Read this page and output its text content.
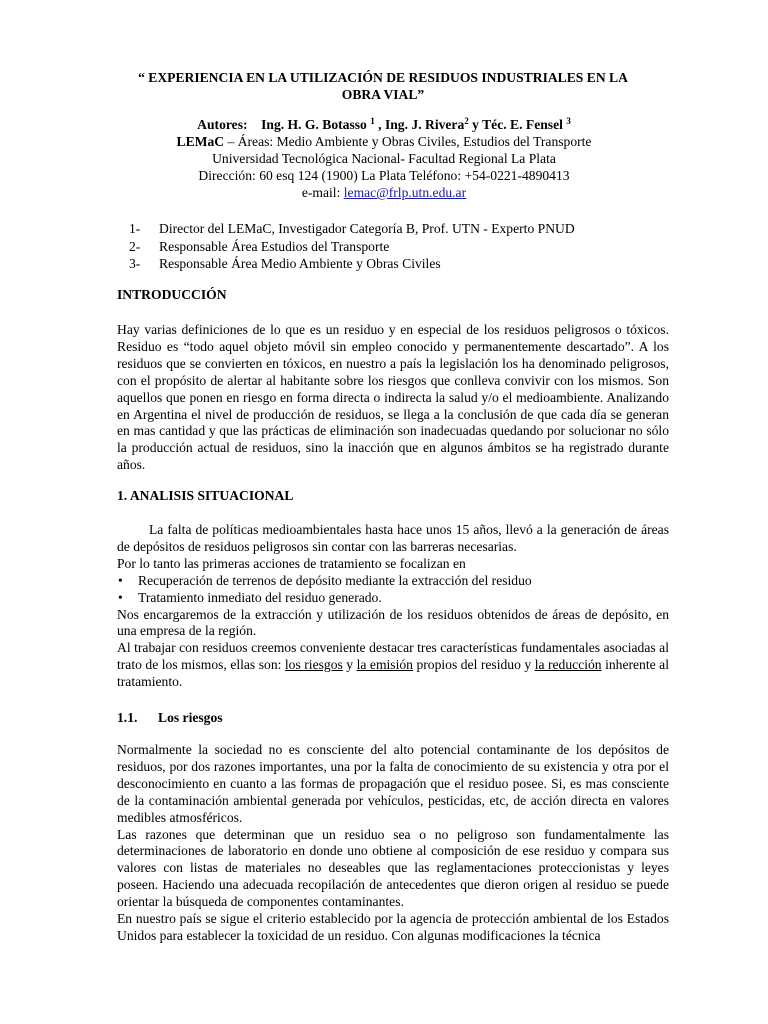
“ EXPERIENCIA EN LA UTILIZACIÓN DE RESIDUOS INDUSTRIALES EN LA OBRA VIAL”
Autores: Ing. H. G. Botasso $^1$ , Ing. J. Rivera$^2$ y Téc. E. Fensel $^3$
LEMaC – Áreas: Medio Ambiente y Obras Civiles, Estudios del Transporte
Universidad Tecnológica Nacional- Facultad Regional La Plata
Dirección: 60 esq 124 (1900) La Plata Teléfono: +54-0221-4890413
e-mail: lemac@frlp.utn.edu.ar
1-	Director del LEMaC, Investigador Categoría B, Prof. UTN - Experto PNUD
2-	Responsable Área Estudios del Transporte
3-	Responsable Área Medio Ambiente y Obras Civiles
INTRODUCCIÓN

Hay varias definiciones de lo que es un residuo y en especial de los residuos peligrosos o tóxicos. Residuo es “todo aquel objeto móvil sin empleo conocido y permanentemente descartado”. A los residuos que se convierten en tóxicos, en nuestro a país la legislación los ha denominado peligrosos, con el propósito de alertar al habitante sobre los riesgos que conlleva convivir con los mismos. Son aquellos que ponen en riesgo en forma directa o indirecta la salud y/o el medioambiente. Analizando en Argentina el nivel de producción de residuos, se llega a la conclusión de que cada día se generan en mas cantidad y que las prácticas de eliminación son inadecuadas quedando por solucionar no sólo la producción actual de residuos, sino la inacción que en algunos ámbitos se ha registrado durante años.

1. ANALISIS SITUACIONAL

La falta de políticas medioambientales hasta hace unos 15 años, llevó a la generación de áreas de depósitos de residuos peligrosos sin contar con las barreras necesarias.

Por lo tanto las primeras acciones de tratamiento se focalizan en

•	Recuperación de terrenos de depósito mediante la extracción del residuo
•	Tratamiento inmediato del residuo generado.

Nos encargaremos de la extracción y utilización de los residuos obtenidos de áreas de depósito, en una empresa de la región.

Al trabajar con residuos creemos conveniente destacar tres características fundamentales asociadas al trato de los mismos, ellas son: los riesgos y la emisión propios del residuo y la reducción inherente al tratamiento.

1.1.	Los riesgos

Normalmente la sociedad no es consciente del alto potencial contaminante de los depósitos de residuos, por dos razones importantes, una por la falta de conocimiento de su existencia y otra por el desconocimiento en cuanto a las formas de propagación que el residuo posee. Si, es mas consciente de la contaminación ambiental generada por vehículos, pesticidas, etc, de acción directa en valores medibles atmosféricos.

Las razones que determinan que un residuo sea o no peligroso son fundamentalmente las determinaciones de laboratorio en donde uno obtiene al composición de ese residuo y compara sus valores con listas de materiales no deseables que las reglamentaciones proteccionistas y leyes poseen. Haciendo una adecuada recopilación de antecedentes que dieron origen al residuo se puede orientar la búsqueda de componentes contaminantes.

En nuestro país se sigue el criterio establecido por la agencia de protección ambiental de los Estados Unidos para establecer la toxicidad de un residuo. Con algunas modificaciones la técnica
